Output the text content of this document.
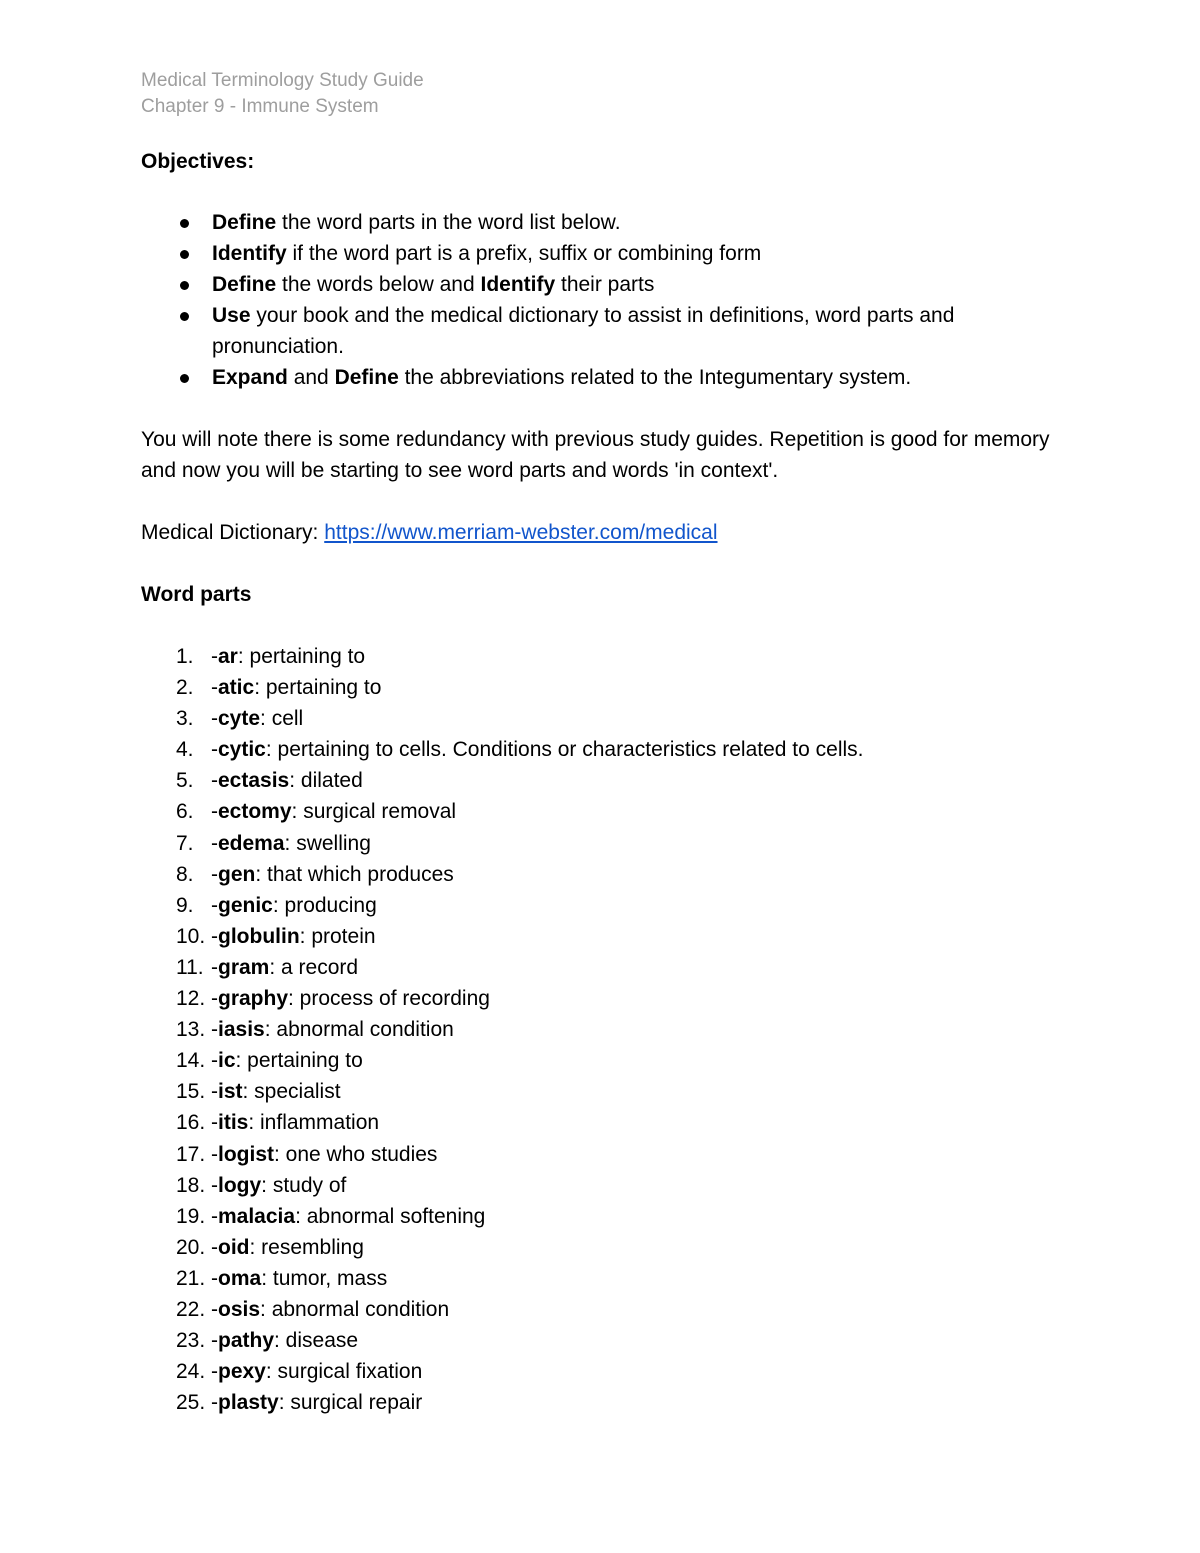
Medical Terminology Study Guide

Chapter 9 - Immune System

Objectives:

Define the word parts in the word list below.
Identify if the word part is a prefix, suffix or combining form
Define the words below and Identify their parts
Use your book and the medical dictionary to assist in definitions, word parts and pronunciation.
Expand and Define the abbreviations related to the Integumentary system.

You will note there is some redundancy with previous study guides. Repetition is good for memory and now you will be starting to see word parts and words 'in context'.

Medical Dictionary: https://www.merriam-webster.com/medical

Word parts

1. -ar: pertaining to
2. -atic: pertaining to
3. -cyte: cell
4. -cytic: pertaining to cells. Conditions or characteristics related to cells.
5. -ectasis: dilated
6. -ectomy: surgical removal
7. -edema: swelling
8. -gen: that which produces
9. -genic: producing
10. -globulin: protein
11. -gram: a record
12. -graphy: process of recording
13. -iasis: abnormal condition
14. -ic: pertaining to
15. -ist: specialist
16. -itis: inflammation
17. -logist: one who studies
18. -logy: study of
19. -malacia: abnormal softening
20. -oid: resembling
21. -oma: tumor, mass
22. -osis: abnormal condition
23. -pathy: disease
24. -pexy: surgical fixation
25. -plasty: surgical repair
